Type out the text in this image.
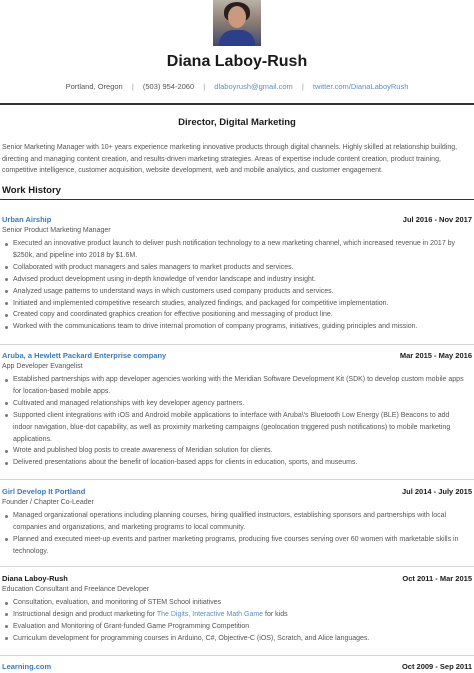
Diana Laboy-Rush
Portland, Oregon | (503) 954-2060 | dlaboyrush@gmail.com | twitter.com/DianaLaboyRush
Director, Digital Marketing
Senior Marketing Manager with 10+ years experience marketing innovative products through digital channels. Highly skilled at relationship building, directing and managing content creation, and results-driven marketing strategies. Areas of expertise include content creation, product training, competitive intelligence, customer acquisition, website development, web and mobile analytics, and customer engagement.
Work History
Urban Airship	Jul 2016 - Nov 2017
Senior Product Marketing Manager
Executed an innovative product launch to deliver push notification technology to a new marketing channel, which increased revenue in 2017 by $250k, and pipeline into 2018 by $1.6M.
Collaborated with product managers and sales managers to market products and services.
Advised product development using in-depth knowledge of vendor landscape and industry insight.
Analyzed usage patterns to understand ways in which customers used company products and services.
Initiated and implemented competitive research studies, analyzed findings, and packaged for competitive implementation.
Created copy and coordinated graphics creation for effective positioning and messaging of product line.
Worked with the communications team to drive internal promotion of company programs, initiatives, guiding principles and mission.
Aruba, a Hewlett Packard Enterprise company	Mar 2015 - May 2016
App Developer Evangelist
Established partnerships with app developer agencies working with the Meridian Software Development Kit (SDK) to develop custom mobile apps for location-based mobile apps.
Cultivated and managed relationships with key developer agency partners.
Supported client integrations with iOS and Android mobile applications to interface with Aruba\'s Bluetooth Low Energy (BLE) Beacons to add indoor navigation, blue-dot capability, as well as proximity marketing campaigns (geolocation triggered push notifications) to mobile marketing applications.
Wrote and published blog posts to create awareness of Meridian solution for clients.
Delivered presentations about the benefit of location-based apps for clients in education, sports, and museums.
Girl Develop It Portland	Jul 2014 - July 2015
Founder / Chapter Co-Leader
Managed organizational operations including planning courses, hiring qualified instructors, establishing sponsors and partnerships with local companies and organizations, and marketing programs to local community.
Planned and executed meet-up events and partner marketing programs, producing five courses serving over 60 women with marketable skills in technology.
Diana Laboy-Rush	Oct 2011 - Mar 2015
Education Consultant and Freelance Developer
Consultation, evaluation, and monitoring of STEM School initiatives
Instructional design and product marketing for The Digits, Interactive Math Game for kids
Evaluation and Monitoring of Grant-funded Game Programming Competition
Curriculum development for programming courses in Arduino, C#, Objective-C (iOS), Scratch, and Alice languages.
Learning.com	Oct 2009 - Sep 2011
